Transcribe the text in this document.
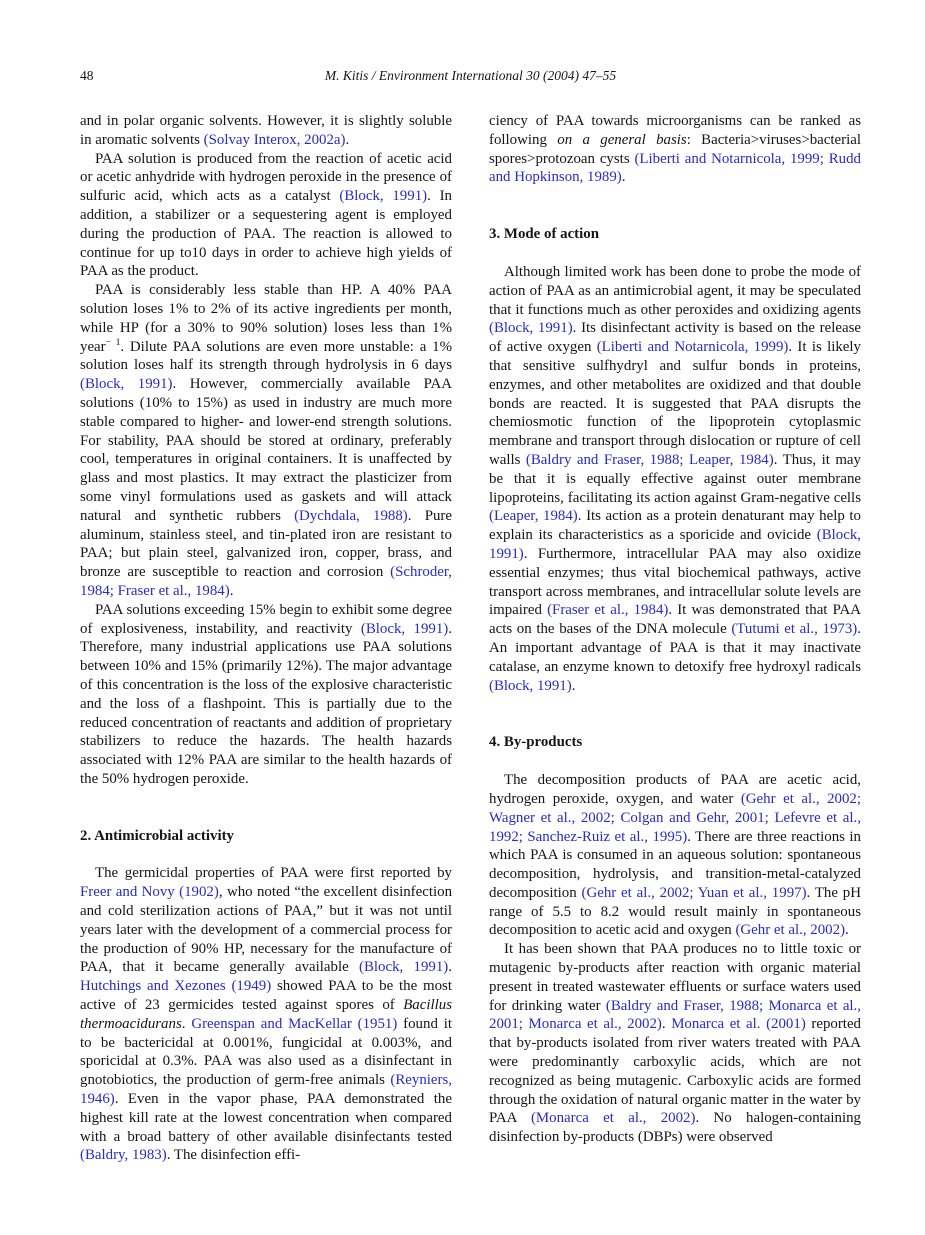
48	M. Kitis / Environment International 30 (2004) 47–55

and in polar organic solvents. However, it is slightly soluble in aromatic solvents (Solvay Interox, 2002a).

PAA solution is produced from the reaction of acetic acid or acetic anhydride with hydrogen peroxide in the presence of sulfuric acid, which acts as a catalyst (Block, 1991). In addition, a stabilizer or a sequestering agent is employed during the production of PAA. The reaction is allowed to continue for up to10 days in order to achieve high yields of PAA as the product.

PAA is considerably less stable than HP. A 40% PAA solution loses 1% to 2% of its active ingredients per month, while HP (for a 30% to 90% solution) loses less than 1% year$^{- 1}$. Dilute PAA solutions are even more unstable: a 1% solution loses half its strength through hydrolysis in 6 days (Block, 1991). However, commercially available PAA solutions (10% to 15%) as used in industry are much more stable compared to higher- and lower-end strength solutions. For stability, PAA should be stored at ordinary, preferably cool, temperatures in original containers. It is unaffected by glass and most plastics. It may extract the plasticizer from some vinyl formulations used as gaskets and will attack natural and synthetic rubbers (Dychdala, 1988). Pure aluminum, stainless steel, and tin-plated iron are resistant to PAA; but plain steel, galvanized iron, copper, brass, and bronze are susceptible to reaction and corrosion (Schroder, 1984; Fraser et al., 1984).

PAA solutions exceeding 15% begin to exhibit some degree of explosiveness, instability, and reactivity (Block, 1991). Therefore, many industrial applications use PAA solutions between 10% and 15% (primarily 12%). The major advantage of this concentration is the loss of the explosive characteristic and the loss of a flashpoint. This is partially due to the reduced concentration of reactants and addition of proprietary stabilizers to reduce the hazards. The health hazards associated with 12% PAA are similar to the health hazards of the 50% hydrogen peroxide.

2. Antimicrobial activity

The germicidal properties of PAA were first reported by Freer and Novy (1902), who noted “the excellent disinfection and cold sterilization actions of PAA,” but it was not until years later with the development of a commercial process for the production of 90% HP, necessary for the manufacture of PAA, that it became generally available (Block, 1991). Hutchings and Xezones (1949) showed PAA to be the most active of 23 germicides tested against spores of Bacillus thermoacidurans. Greenspan and MacKellar (1951) found it to be bactericidal at 0.001%, fungicidal at 0.003%, and sporicidal at 0.3%. PAA was also used as a disinfectant in gnotobiotics, the production of germ-free animals (Reyniers, 1946). Even in the vapor phase, PAA demonstrated the highest kill rate at the lowest concentration when compared with a broad battery of other available disinfectants tested (Baldry, 1983). The disinfection effi-

ciency of PAA towards microorganisms can be ranked as following on a general basis: Bacteria>viruses>bacterial spores>protozoan cysts (Liberti and Notarnicola, 1999; Rudd and Hopkinson, 1989).

3. Mode of action

Although limited work has been done to probe the mode of action of PAA as an antimicrobial agent, it may be speculated that it functions much as other peroxides and oxidizing agents (Block, 1991). Its disinfectant activity is based on the release of active oxygen (Liberti and Notarnicola, 1999). It is likely that sensitive sulfhydryl and sulfur bonds in proteins, enzymes, and other metabolites are oxidized and that double bonds are reacted. It is suggested that PAA disrupts the chemiosmotic function of the lipoprotein cytoplasmic membrane and transport through dislocation or rupture of cell walls (Baldry and Fraser, 1988; Leaper, 1984). Thus, it may be that it is equally effective against outer membrane lipoproteins, facilitating its action against Gram-negative cells (Leaper, 1984). Its action as a protein denaturant may help to explain its characteristics as a sporicide and ovicide (Block, 1991). Furthermore, intracellular PAA may also oxidize essential enzymes; thus vital biochemical pathways, active transport across membranes, and intracellular solute levels are impaired (Fraser et al., 1984). It was demonstrated that PAA acts on the bases of the DNA molecule (Tutumi et al., 1973). An important advantage of PAA is that it may inactivate catalase, an enzyme known to detoxify free hydroxyl radicals (Block, 1991).

4. By-products

The decomposition products of PAA are acetic acid, hydrogen peroxide, oxygen, and water (Gehr et al., 2002; Wagner et al., 2002; Colgan and Gehr, 2001; Lefevre et al., 1992; Sanchez-Ruiz et al., 1995). There are three reactions in which PAA is consumed in an aqueous solution: spontaneous decomposition, hydrolysis, and transition-metal-catalyzed decomposition (Gehr et al., 2002; Yuan et al., 1997). The pH range of 5.5 to 8.2 would result mainly in spontaneous decomposition to acetic acid and oxygen (Gehr et al., 2002).

It has been shown that PAA produces no to little toxic or mutagenic by-products after reaction with organic material present in treated wastewater effluents or surface waters used for drinking water (Baldry and Fraser, 1988; Monarca et al., 2001; Monarca et al., 2002). Monarca et al. (2001) reported that by-products isolated from river waters treated with PAA were predominantly carboxylic acids, which are not recognized as being mutagenic. Carboxylic acids are formed through the oxidation of natural organic matter in the water by PAA (Monarca et al., 2002). No halogen-containing disinfection by-products (DBPs) were observed
